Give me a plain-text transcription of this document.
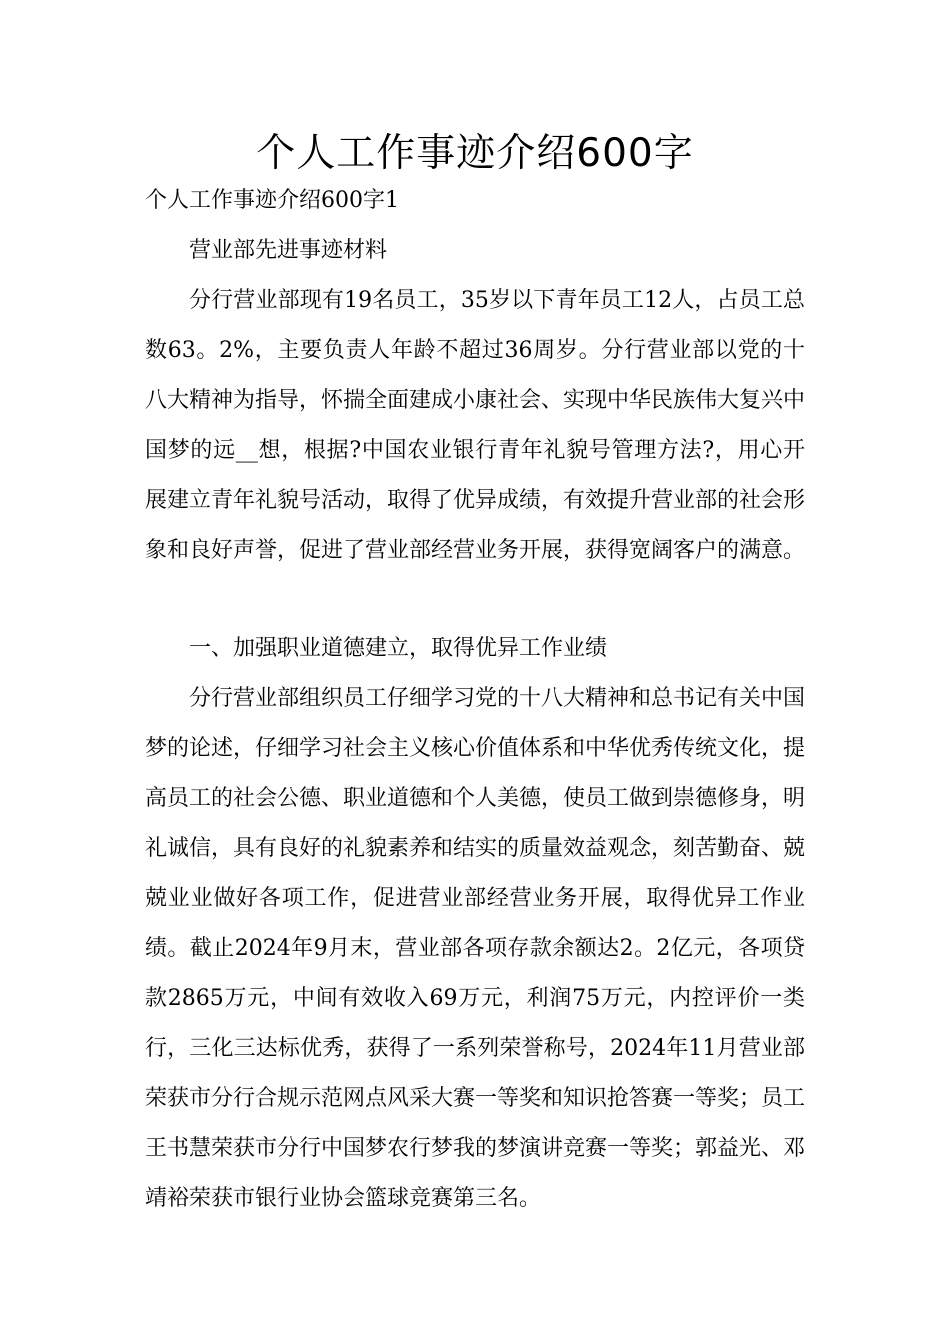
个人工作事迹介绍600字
个人工作事迹介绍600字1
营业部先进事迹材料

分行营业部现有19名员工，35岁以下青年员工12人，占员工总数63。2%，主要负责人年龄不超过36周岁。分行营业部以党的十八大精神为指导，怀揣全面建成小康社会、实现中华民族伟大复兴中国梦的远__想，根据?中国农业银行青年礼貌号管理方法?，用心开展建立青年礼貌号活动，取得了优异成绩，有效提升营业部的社会形象和良好声誉，促进了营业部经营业务开展，获得宽阔客户的满意。

一、加强职业道德建立，取得优异工作业绩

分行营业部组织员工仔细学习党的十八大精神和总书记有关中国梦的论述，仔细学习社会主义核心价值体系和中华优秀传统文化，提高员工的社会公德、职业道德和个人美德，使员工做到崇德修身，明礼诚信，具有良好的礼貌素养和结实的质量效益观念，刻苦勤奋、兢兢业业做好各项工作，促进营业部经营业务开展，取得优异工作业绩。截止2024年9月末，营业部各项存款余额达2。2亿元，各项贷款2865万元，中间有效收入69万元，利润75万元，内控评价一类行，三化三达标优秀，获得了一系列荣誉称号，2024年11月营业部荣获市分行合规示范网点风采大赛一等奖和知识抢答赛一等奖；员工王书慧荣获市分行中国梦农行梦我的梦演讲竞赛一等奖；郭益光、邓靖裕荣获市银行业协会篮球竞赛第三名。
